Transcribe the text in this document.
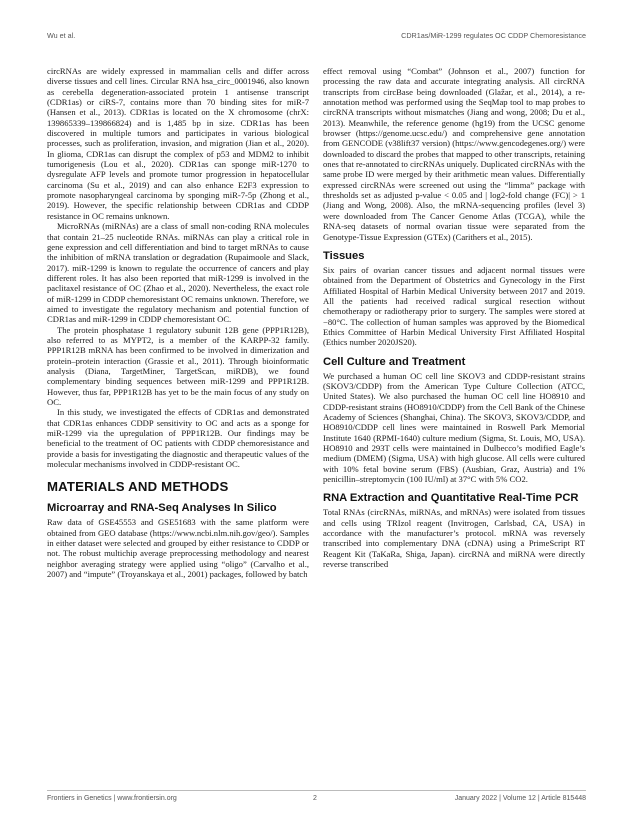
Wu et al.	CDR1as/MiR-1299 regulates OC CDDP Chemoresistance

circRNAs are widely expressed in mammalian cells and differ across diverse tissues and cell lines. Circular RNA hsa_circ_0001946, also known as cerebella degeneration-associated protein 1 antisense transcript (CDR1as) or ciRS-7, contains more than 70 binding sites for miR-7 (Hansen et al., 2013). CDR1as is located on the X chromosome (chrX: 139865339–139866824) and is 1,485 bp in size. CDR1as has been discovered in multiple tumors and participates in various biological processes, such as proliferation, invasion, and migration (Jian et al., 2020). In glioma, CDR1as can disrupt the complex of p53 and MDM2 to inhibit tumorigenesis (Lou et al., 2020). CDR1as can sponge miR-1270 to dysregulate AFP levels and promote tumor progression in hepatocellular carcinoma (Su et al., 2019) and can also enhance E2F3 expression to promote nasopharyngeal carcinoma by sponging miR-7-5p (Zhong et al., 2019). However, the specific relationship between CDR1as and CDDP resistance in OC remains unknown.

MicroRNAs (miRNAs) are a class of small non-coding RNA molecules that contain 21–25 nucleotide RNAs. miRNAs can play a critical role in gene expression and cell differentiation and bind to target mRNAs to cause the inhibition of mRNA translation or degradation (Rupaimoole and Slack, 2017). miR-1299 is known to regulate the occurrence of cancers and play different roles. It has also been reported that miR-1299 is involved in the paclitaxel resistance of OC (Zhao et al., 2020). Nevertheless, the exact role of miR-1299 in CDDP chemoresistant OC remains unknown. Therefore, we aimed to investigate the regulatory mechanism and potential function of CDR1as and miR-1299 in CDDP chemoresistant OC.

The protein phosphatase 1 regulatory subunit 12B gene (PPP1R12B), also referred to as MYPT2, is a member of the KARPP-32 family. PPP1R12B mRNA has been confirmed to be involved in dimerization and protein–protein interaction (Grassie et al., 2011). Through bioinformatic analysis (Diana, TargetMiner, TargetScan, miRDB), we found complementary binding sequences between miR-1299 and PPP1R12B. However, thus far, PPP1R12B has yet to be the main focus of any study on OC.

In this study, we investigated the effects of CDR1as and demonstrated that CDR1as enhances CDDP sensitivity to OC and acts as a sponge for miR-1299 via the upregulation of PPP1R12B. Our findings may be beneficial to the treatment of OC patients with CDDP chemoresistance and provide a basis for investigating the diagnostic and therapeutic values of the molecular mechanisms involved in CDDP-resistant OC.

MATERIALS AND METHODS
Microarray and RNA-Seq Analyses In Silico

Raw data of GSE45553 and GSE51683 with the same platform were obtained from GEO database (https://www.ncbi.nlm.nih.gov/geo/). Samples in either dataset were selected and grouped by either resistance to CDDP or not. The robust multichip average preprocessing methodology and nearest neighbor averaging strategy were applied using “oligo” (Carvalho et al., 2007) and “impute” (Troyanskaya et al., 2001) packages, followed by batch

effect removal using “Combat” (Johnson et al., 2007) function for processing the raw data and accurate integrating analysis. All circRNA transcripts from circBase being downloaded (Glažar, et al., 2014), a re-annotation method was performed using the SeqMap tool to map probes to circRNA transcripts without mismatches (Jiang and wong, 2008; Du et al., 2013). Meanwhile, the reference genome (hg19) from the UCSC genome browser (https://genome.ucsc.edu/) and comprehensive gene annotation from GENCODE (v38lift37 version) (https://www.gencodegenes.org/) were downloaded to discard the probes that mapped to other transcripts, retaining ones that re-annotated to circRNAs uniquely. Duplicated circRNAs with the same probe ID were merged by their arithmetic mean values. Differentially expressed circRNAs were screened out using the “limma” package with thresholds set as adjusted p-value < 0.05 and | log2-fold change (FC)| > 1 (Jiang and Wong, 2008). Also, the mRNA-sequencing profiles (level 3) were downloaded from The Cancer Genome Atlas (TCGA), while the RNA-seq datasets of normal ovarian tissue were separated from the Genotype-Tissue Expression (GTEx) (Carithers et al., 2015).

Tissues

Six pairs of ovarian cancer tissues and adjacent normal tissues were obtained from the Department of Obstetrics and Gynecology in the First Affiliated Hospital of Harbin Medical University between 2017 and 2019. All the patients had received radical surgical resection without chemotherapy or radiotherapy prior to surgery. The samples were stored at −80°C. The collection of human samples was approved by the Biomedical Ethics Committee of Harbin Medical University First Affiliated Hospital (Ethics number 2020JS20).

Cell Culture and Treatment

We purchased a human OC cell line SKOV3 and CDDP-resistant strains (SKOV3/CDDP) from the American Type Culture Collection (ATCC, United States). We also purchased the human OC cell line HO8910 and CDDP-resistant strains (HO8910/CDDP) from the Cell Bank of the Chinese Academy of Sciences (Shanghai, China). The SKOV3, SKOV3/CDDP, and HO8910/CDDP cell lines were maintained in Roswell Park Memorial Institute 1640 (RPMI-1640) culture medium (Sigma, St. Louis, MO, USA). HO8910 and 293T cells were maintained in Dulbecco’s modified Eagle’s medium (DMEM) (Sigma, USA) with high glucose. All cells were cultured with 10% fetal bovine serum (FBS) (Ausbian, Graz, Austria) and 1% penicillin–streptomycin (100 IU/ml) at 37°C with 5% CO2.

RNA Extraction and Quantitative Real-Time PCR

Total RNAs (circRNAs, miRNAs, and mRNAs) were isolated from tissues and cells using TRIzol reagent (Invitrogen, Carlsbad, CA, USA) in accordance with the manufacturer’s protocol. mRNA was reversely transcribed into complementary DNA (cDNA) using a PrimeScript RT Reagent Kit (TaKaRa, Shiga, Japan). circRNA and miRNA were directly reverse transcribed

Frontiers in Genetics | www.frontiersin.org	2	January 2022 | Volume 12 | Article 815448
